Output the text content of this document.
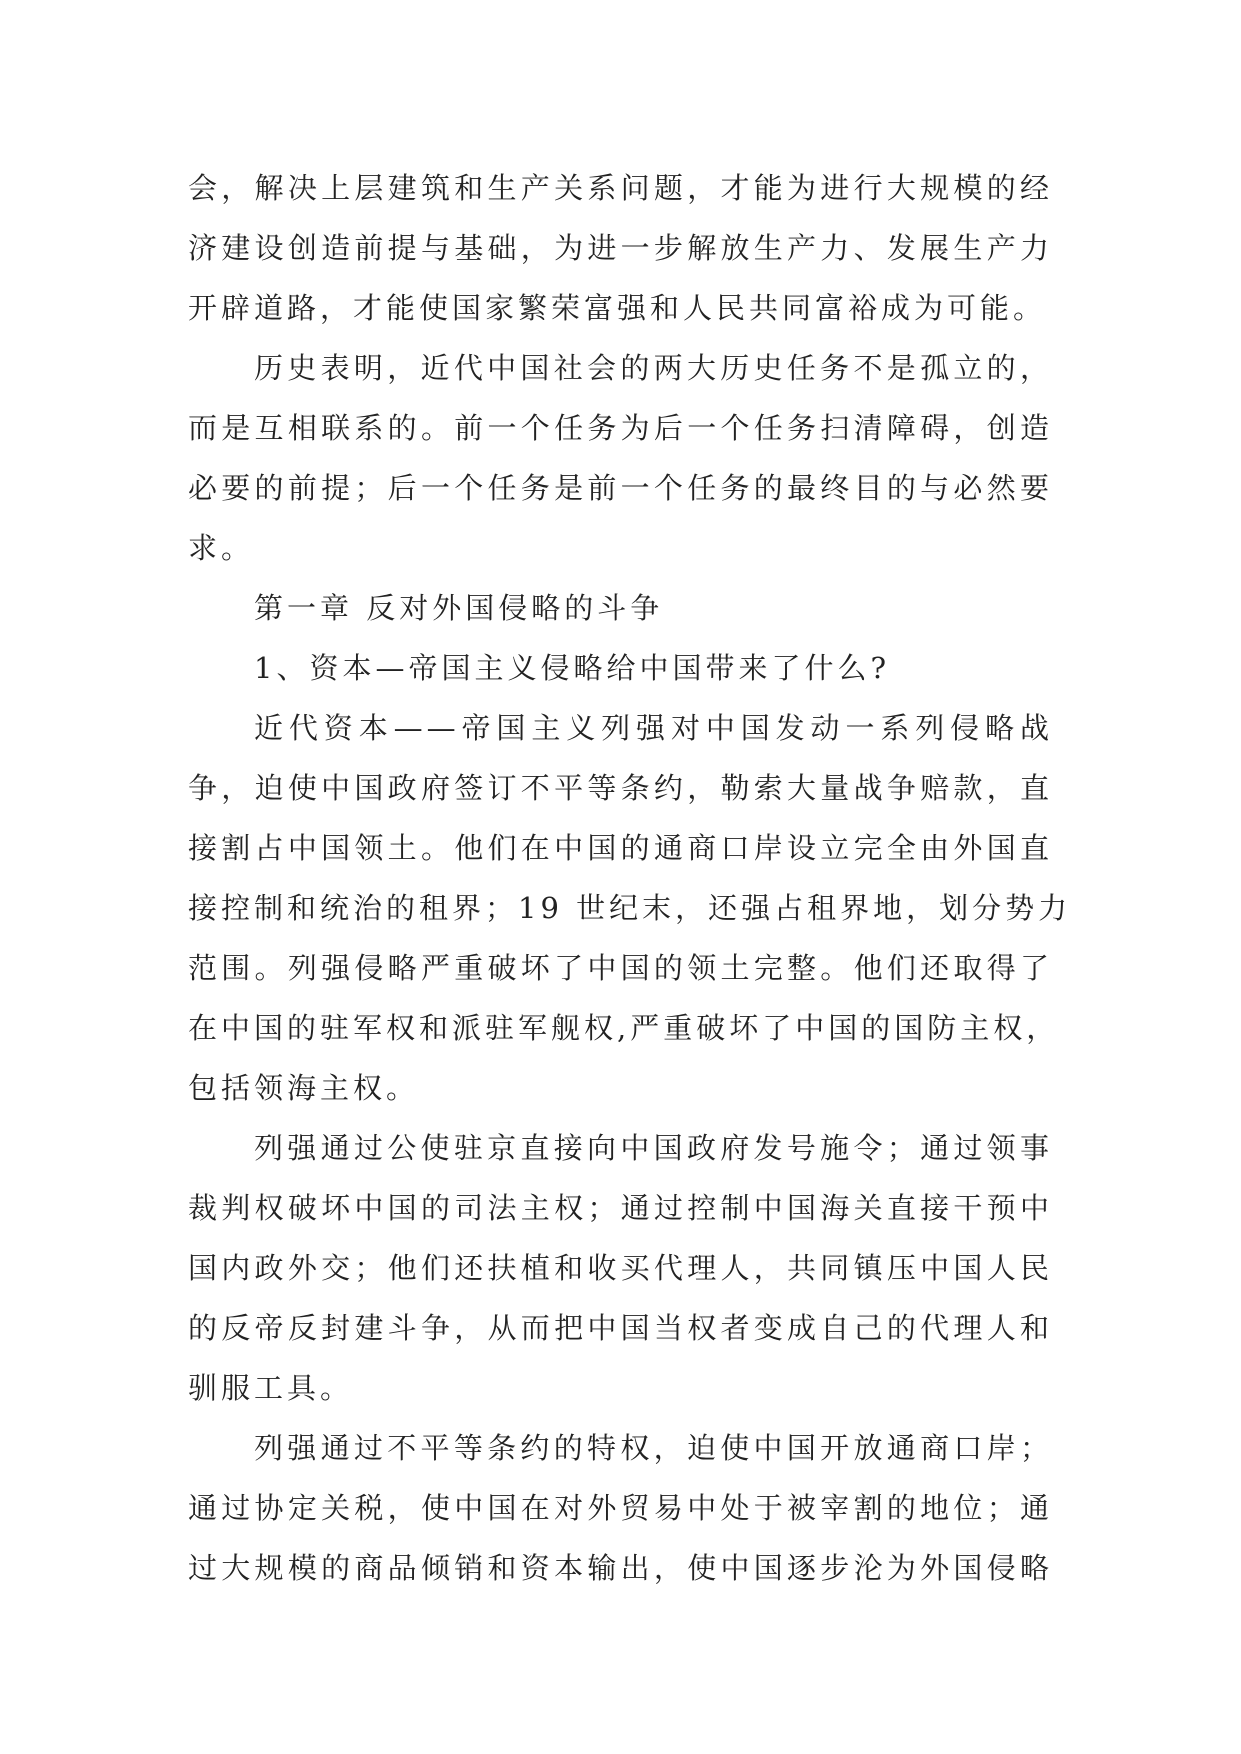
会，解决上层建筑和生产关系问题，才能为进行大规模的经
济建设创造前提与基础，为进一步解放生产力、发展生产力
开辟道路，才能使国家繁荣富强和人民共同富裕成为可能。
历史表明，近代中国社会的两大历史任务不是孤立的，
而是互相联系的。前一个任务为后一个任务扫清障碍，创造
必要的前提；后一个任务是前一个任务的最终目的与必然要
求。
第一章 反对外国侵略的斗争
1、资本—帝国主义侵略给中国带来了什么?
近代资本——帝国主义列强对中国发动一系列侵略战
争，迫使中国政府签订不平等条约，勒索大量战争赔款，直
接割占中国领土。他们在中国的通商口岸设立完全由外国直
接控制和统治的租界；19 世纪末，还强占租界地，划分势力
范围。列强侵略严重破坏了中国的领土完整。他们还取得了
在中国的驻军权和派驻军舰权,严重破坏了中国的国防主权，
包括领海主权。
列强通过公使驻京直接向中国政府发号施令；通过领事
裁判权破坏中国的司法主权；通过控制中国海关直接干预中
国内政外交；他们还扶植和收买代理人，共同镇压中国人民
的反帝反封建斗争，从而把中国当权者变成自己的代理人和
驯服工具。
列强通过不平等条约的特权，迫使中国开放通商口岸；
通过协定关税，使中国在对外贸易中处于被宰割的地位；通
过大规模的商品倾销和资本输出，使中国逐步沦为外国侵略
